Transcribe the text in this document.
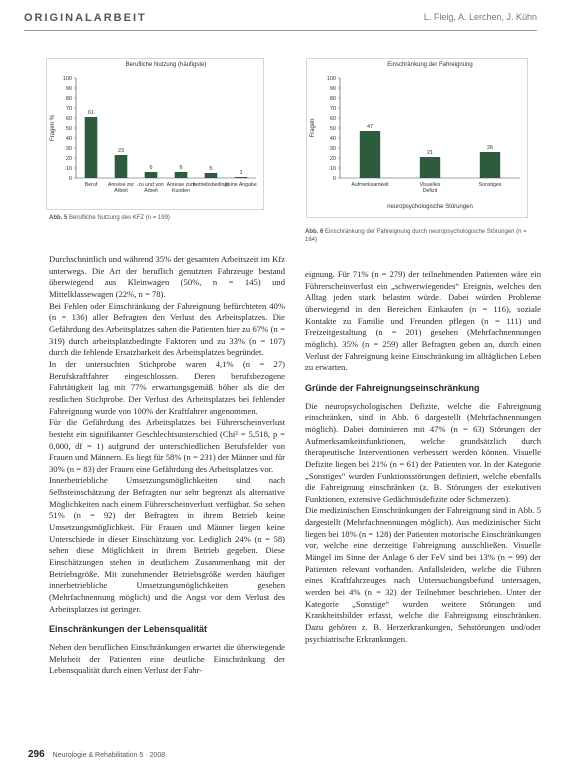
ORIGINALARBEIT	L. Fleig, A. Lerchen, J. Kühn
Berufliche Nutzung (häufigste)
0
10
20
30
40
50
60
70
80
90
100
Fragen %
61
Beruf
23
Anreise zur Arbeit
6
zu und von Arbeit
6
Anreise zum Kunden
5
betriebsbedingt
1
keine Angabe
Abb. 5 Berufliche Nutzung des KFZ (n = 199)
Einschränkung der Fahreignung
0
10
20
30
40
50
60
70
80
90
100
Fragen	47
Aufmerksamkeit
21
Visuelles Defizit
26
Sonstiges
neuropsychologische Störungen
Abb. 6 Einschränkung der Fahreignung durch neuropsychologische Störungen (n = 164)

Durchschnittlich und während 35% der gesamten Arbeitszeit im Kfz unterwegs. Die Art der beruflich genutzten Fahrzeuge bestand überwiegend aus Kleinwagen (50%, n = 145) und Mittelklassewagen (22%, n = 78).

Bei Fehlen oder Einschränkung der Fahreignung befürchteten 40% (n = 136) aller Befragten den Verlust des Arbeitsplatzes. Die Gefährdung des Arbeitsplatzes sahen die Patienten hier zu 67% (n = 319) durch arbeitsplatzbedingte Faktoren und zu 33% (n = 107) durch die fehlende Ersatzbarkeit des Arbeitsplatzes begründet.

In der untersuchten Stichprobe waren 4,1% (n = 27) Berufskraftfahrer eingeschlossen. Deren berufsbezogene Fahrtätigkeit lag mit 77% erwartungsgemäß höher als die der restlichen Stichprobe. Der Verlust des Arbeitsplatzes bei fehlender Fahreignung wurde von 100% der Kraftfahrer angenommen.

Für die Gefährdung des Arbeitsplatzes bei Führerscheinverlust besteht ein signifikanter Geschlechtsunterschied (Chi² = 5,518, p = 0,000, df = 1) aufgrund der unterschiedlichen Berufsfelder von Frauen und Männern. Es liegt für 58% (n = 231) der Männer und für 30% (n = 83) der Frauen eine Gefährdung des Arbeitsplatzes vor.

Innerbetriebliche Umsetzungsmöglichkeiten sind nach Selbsteinschätzung der Befragten nur sehr begrenzt als alternative Möglichkeiten nach einem Führerscheinverlust verfügbar. So sehen 51% (n = 92) der Befragten in ihrem Betrieb keine Umsetzungsmöglichkeit. Für Frauen und Männer liegen keine Unterschiede in dieser Einschätzung vor. Lediglich 24% (n = 58) sehen diese Möglichkeit in ihrem Betrieb gegeben. Diese Einschätzungen stehen in deutlichem Zusammenhang mit der Betriebsgröße. Mit zunehmender Betriebsgröße werden häufiger innerbetriebliche Umsetzungsmöglichkeiten gesehen (Mehrfachnennung möglich) und die Angst vor dem Verlust des Arbeitsplatzes ist geringer.

Einschränkungen der Lebensqualität

Neben den beruflichen Einschränkungen erwartet die überwiegende Mehrheit der Patienten eine deutliche Einschränkung der Lebensqualität durch einen Verlust der Fahr-

eignung. Für 71% (n = 279) der teilnehmenden Patienten wäre ein Führerscheinverlust ein „schwerwiegendes“ Ereignis, welches den Alltag jeden stark belasten würde. Dabei würden Probleme überwiegend in den Bereichen Einkaufen (n = 116), soziale Kontakte zu Familie und Freunden pflegen (n = 111) und Freizeitgestaltung (n = 201) gesehen (Mehrfachnennungen möglich). 35% (n = 259) aller Befragten geben an, durch einen Verlust der Fahreignung keine Einschränkung im alltäglichen Leben zu erwarten.

Gründe der Fahreignungseinschränkung

Die neuropsychologischen Defizite, welche die Fahreignung einschränken, sind in Abb. 6 dargestellt (Mehrfachnennungen möglich). Dabei dominieren mit 47% (n = 63) Störungen der Aufmerksamkeitsfunktionen, welche grundsätzlich durch therapeutische Interventionen verbessert werden können. Visuelle Defizite liegen bei 21% (n = 61) der Patienten vor. In der Kategorie „Sonstiges“ wurden Funktionsstörungen definiert, welche ebenfalls die Fahreignung einschränken (z. B. Störungen der exekutiven Funktionen, extensive Gedächtnisdefizite oder Schmerzen).

Die medizinischen Einschränkungen der Fahreignung sind in Abb. 5 dargestellt (Mehrfachnennungen möglich). Aus medizinischer Sicht liegen bei 18% (n = 128) der Patienten motorische Einschränkungen vor, welche eine derzeitige Fahreignung ausschließen. Visuelle Mängel im Sinne der Anlage 6 der FeV sind bei 13% (n = 99) der Patienten relevant vorhanden. Anfallsleiden, welche die Führen eines Kraftfahrzeuges nach Untersuchungsbefund untersagen, werden bei 4% (n = 32) der Teilnehmer beschrieben. Unter der Kategorie „Sonstige“ wurden weitere Störungen und Krankheitsbilder erfasst, welche die Fahreignung einschränken. Dazu gehören z. B. Herzerkrankungen, Sehstörungen und/oder psychiatrische Erkrankungen.

296 Neurologie & Rehabilitation 5 · 2008
